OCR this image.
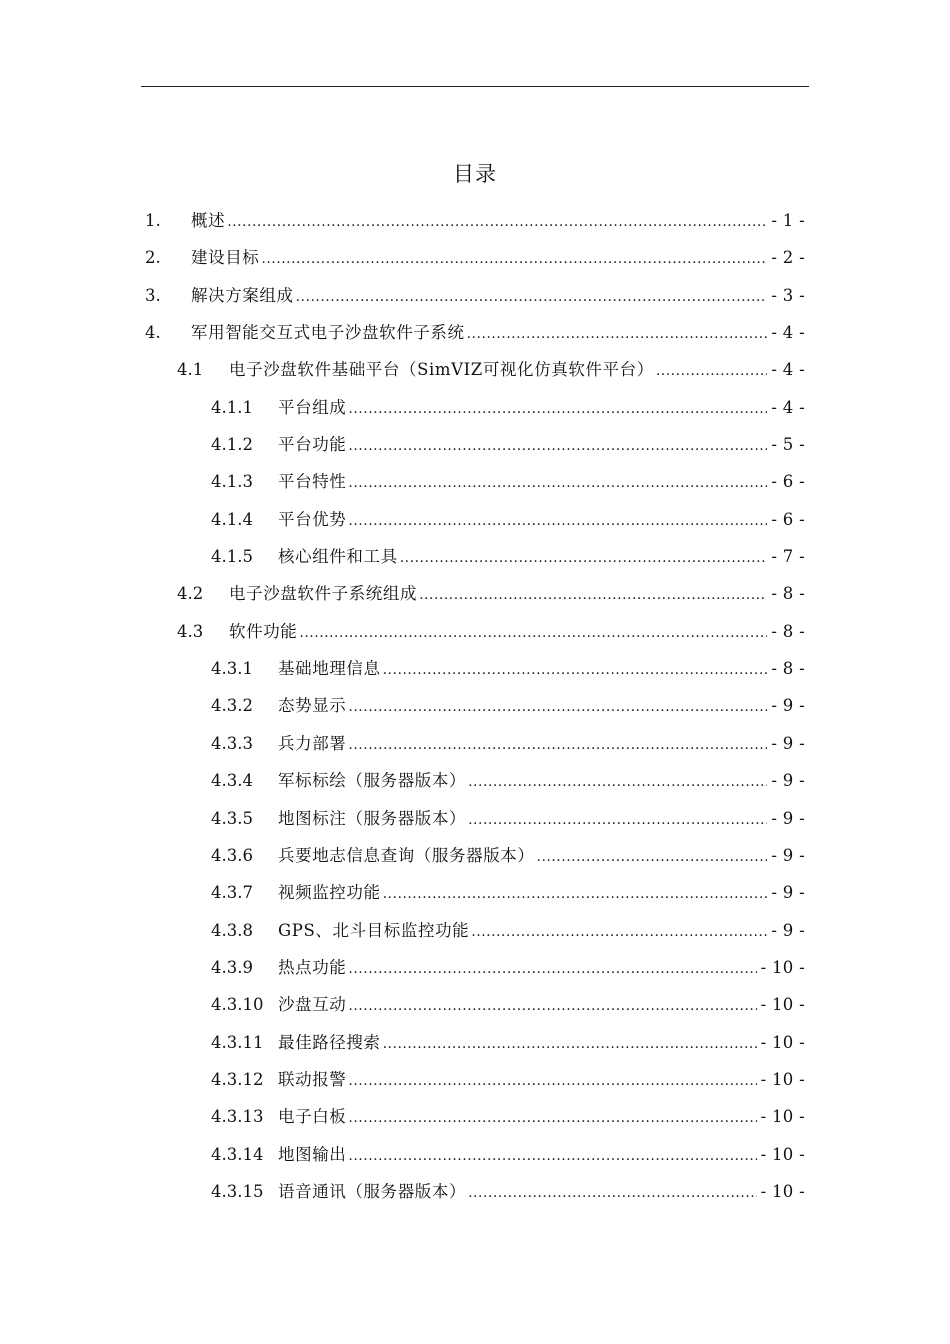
目录
1. 概述 .....	- 1 -
2. 建设目标 .....	- 2 -
3. 解决方案组成 .....	- 3 -
4. 军用智能交互式电子沙盘软件子系统 .....	- 4 -
4.1 电子沙盘软件基础平台（SimVIZ可视化仿真软件平台） .....	- 4 -
4.1.1 平台组成 .....	- 4 -
4.1.2 平台功能 .....	- 5 -
4.1.3 平台特性 .....	- 6 -
4.1.4 平台优势 .....	- 6 -
4.1.5 核心组件和工具 .....	- 7 -
4.2 电子沙盘软件子系统组成 .....	- 8 -
4.3 软件功能 .....	- 8 -
4.3.1 基础地理信息 .....	- 8 -
4.3.2 态势显示 .....	- 9 -
4.3.3 兵力部署 .....	- 9 -
4.3.4 军标标绘（服务器版本） .....	- 9 -
4.3.5 地图标注（服务器版本） .....	- 9 -
4.3.6 兵要地志信息查询（服务器版本） .....	- 9 -
4.3.7 视频监控功能 .....	- 9 -
4.3.8 GPS、北斗目标监控功能 .....	- 9 -
4.3.9 热点功能 .....	- 10 -
4.3.10 沙盘互动 .....	- 10 -
4.3.11 最佳路径搜索 .....	- 10 -
4.3.12 联动报警 .....	- 10 -
4.3.13 电子白板 .....	- 10 -
4.3.14 地图输出 .....	- 10 -
4.3.15 语音通讯（服务器版本） .....	- 10 -
